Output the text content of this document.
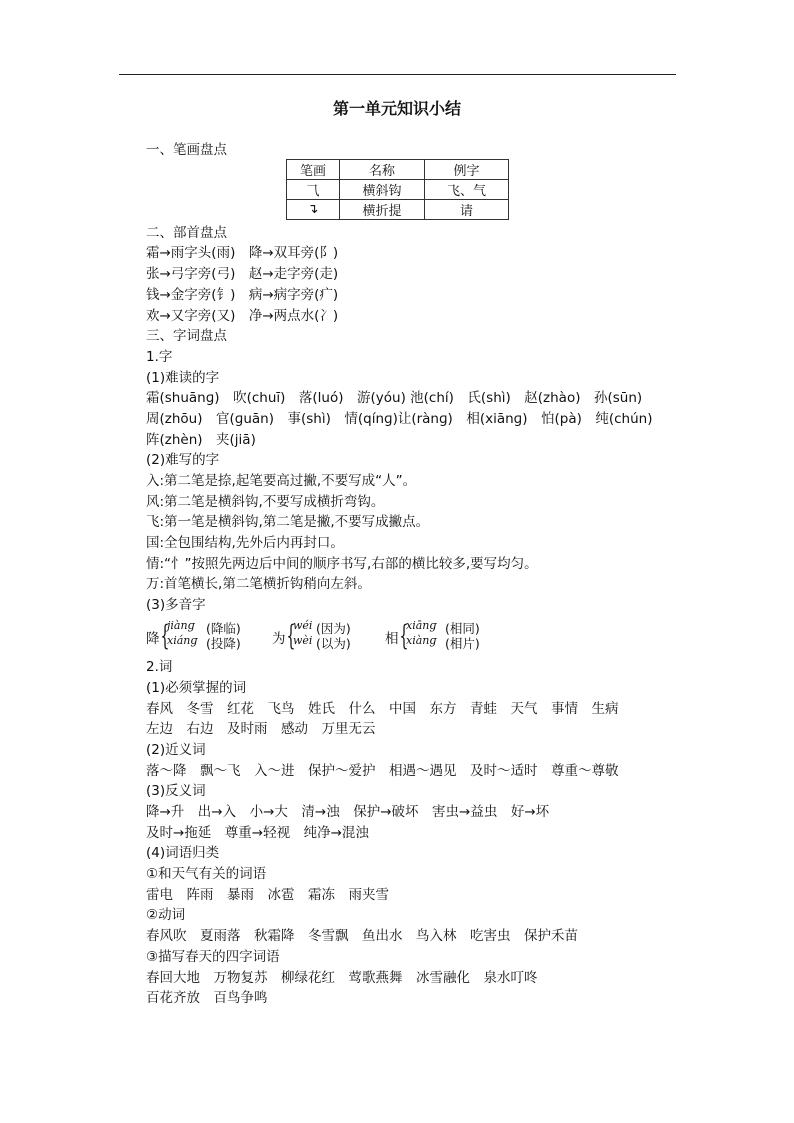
第一单元知识小结
一、笔画盘点
二、部首盘点
霜→雨字头(雨)　降→双耳旁(阝)
张→弓字旁(弓)　赵→走字旁(走)
钱→金字旁(钅)　病→病字旁(疒)
欢→又字旁(又)　净→两点水(冫)
三、字词盘点
1.字
(1)难读的字
霜(shuānɡ)　吹(chuī)　落(luó)　游(yóu) 池(chí)　氏(shì)　赵(zhào)　孙(sūn)
周(zhōu)　官(ɡuān)　事(shì)　情(qínɡ)让(rànɡ)　相(xiānɡ)　怕(pà)　纯(chún)
阵(zhèn)　夹(jiā)
(2)难写的字
入:第二笔是捺,起笔要高过撇,不要写成“人”。
风:第二笔是横斜钩,不要写成横折弯钩。
飞:第一笔是横斜钩,第二笔是撇,不要写成撇点。
国:全包围结构,先外后内再封口。
情:“忄”按照先两边后中间的顺序书写,右部的横比较多,要写均匀。
万:首笔横长,第二笔横折钩稍向左斜。
(3)多音字
2.词
(1)必须掌握的词
春风　冬雪　红花　飞鸟　姓氏　什么　中国　东方　青蛙　天气　事情　生病
左边　右边　及时雨　感动　万里无云
(2)近义词
落～降　飘～飞　入～进　保护～爱护　相遇～遇见　及时～适时　尊重～尊敬
(3)反义词
降→升　出→入　小→大　清→浊　保护→破坏　害虫→益虫　好→坏
及时→拖延　尊重→轻视　纯净→混浊
(4)词语归类
①和天气有关的词语
雷电　阵雨　暴雨　冰雹　霜冻　雨夹雪
②动词
春风吹　夏雨落　秋霜降　冬雪飘　鱼出水　鸟入林　吃害虫　保护禾苗
③描写春天的四字词语
春回大地　万物复苏　柳绿花红　莺歌燕舞　冰雪融化　泉水叮咚
百花齐放　百鸟争鸣
笔画	名称	例字
⺄	横斜钩	飞、气
↴	横折提	请
降 {
jiànɡ (降临)
xiánɡ (投降) 为 {
wéi (因为)
wèi (以为)	相 {
xiānɡ (相同)
xiànɡ (相片)
